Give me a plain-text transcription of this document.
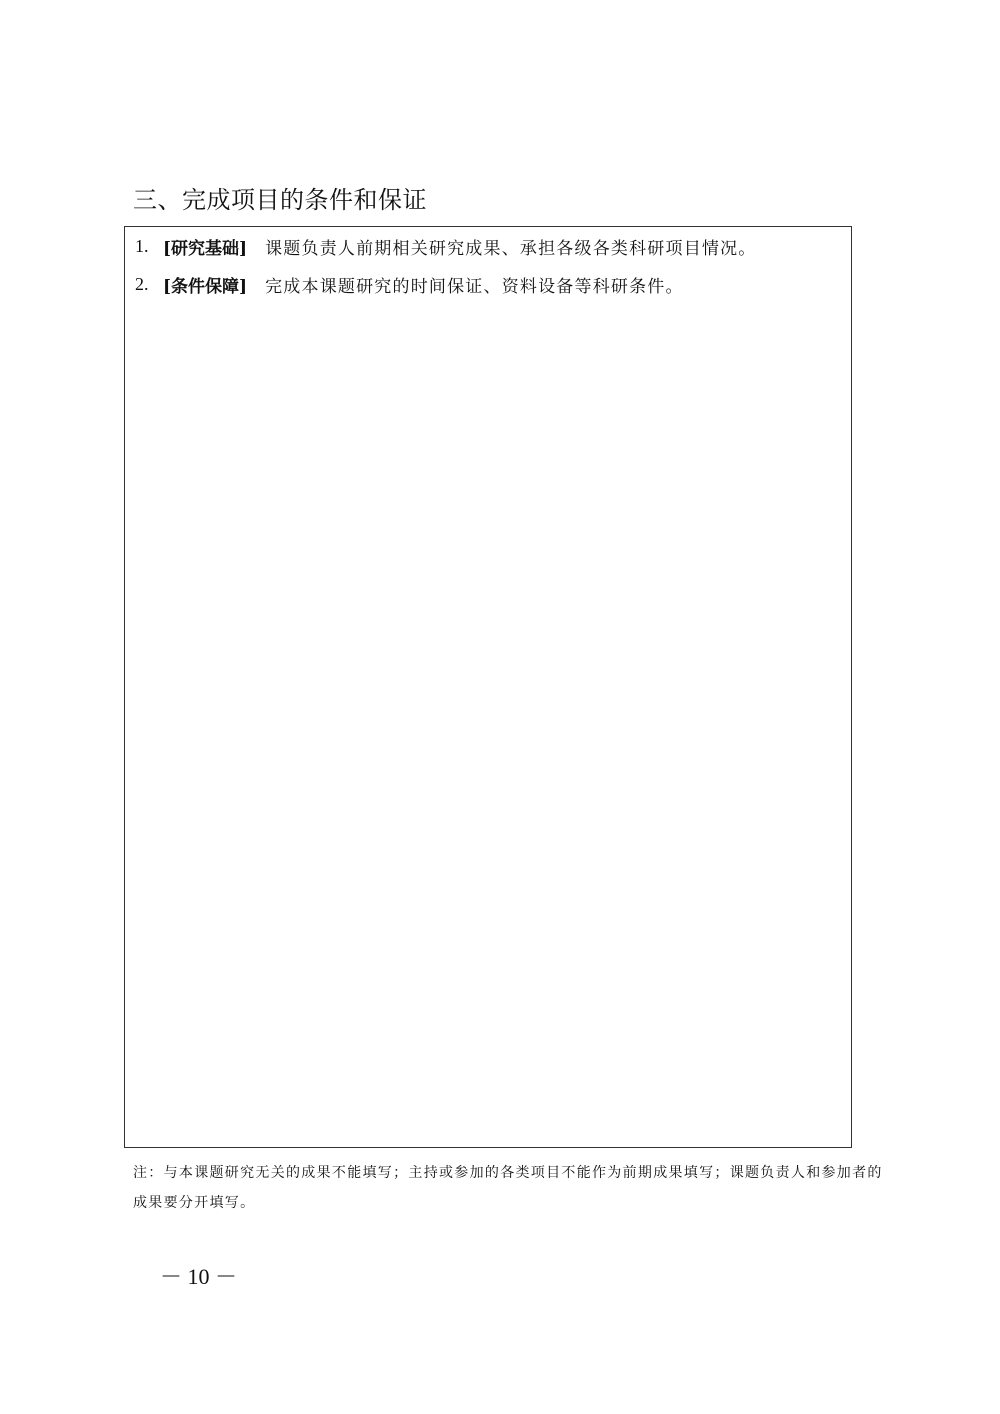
三、完成项目的条件和保证
1. [研究基础] 课题负责人前期相关研究成果、承担各级各类科研项目情况。
2. [条件保障] 完成本课题研究的时间保证、资料设备等科研条件。
注：与本课题研究无关的成果不能填写；主持或参加的各类项目不能作为前期成果填写；课题负责人和参加者的成果要分开填写。
－ 10 －
